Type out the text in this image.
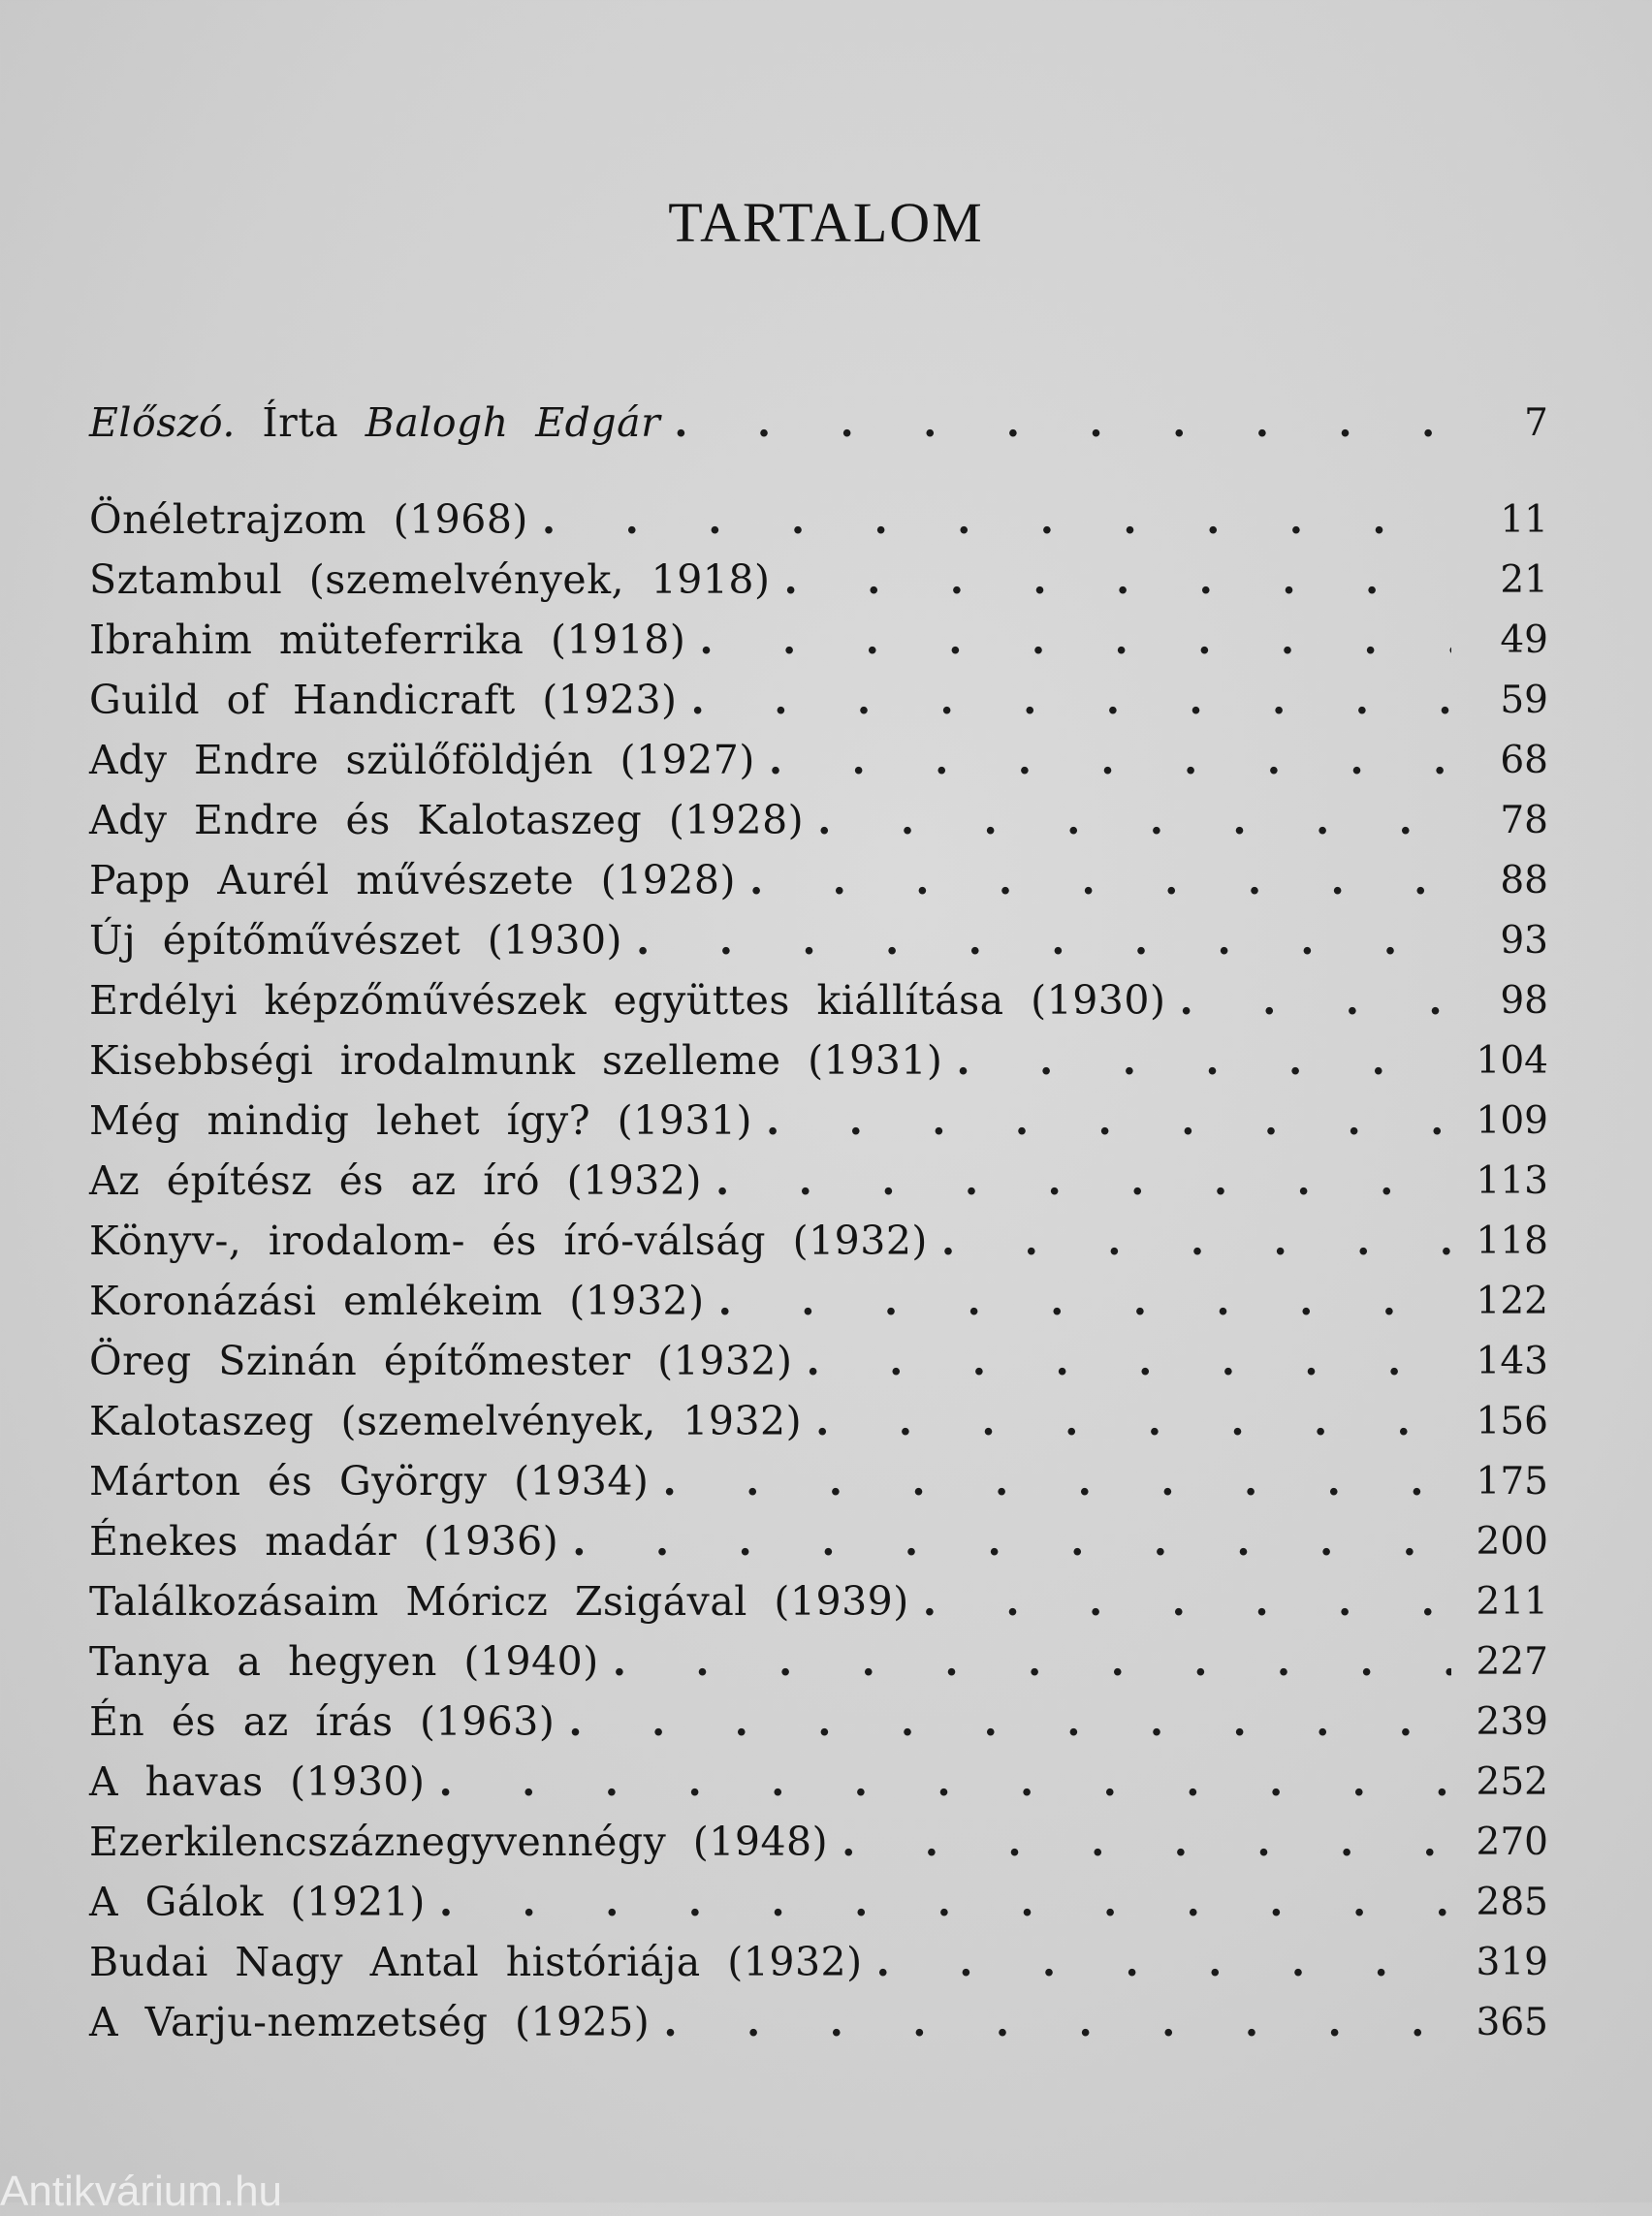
TARTALOM
Előszó. Írta Balogh Edgár .	7
Önéletrajzom (1968) .	11
Sztambul (szemelvények, 1918) .	21
Ibrahim müteferrika (1918) .	49
Guild of Handicraft (1923) .	59
Ady Endre szülőföldjén (1927) .	68
Ady Endre és Kalotaszeg (1928) .	78
Papp Aurél művészete (1928) .	88
Új építőművészet (1930) .	93
Erdélyi képzőművészek együttes kiállítása (1930) .	98
Kisebbségi irodalmunk szelleme (1931) .	104
Még mindig lehet így? (1931) .	109
Az építész és az író (1932) .	113
Könyv-, irodalom- és író-válság (1932) .	118
Koronázási emlékeim (1932) .	122
Öreg Szinán építőmester (1932) .	143
Kalotaszeg (szemelvények, 1932) .	156
Márton és György (1934) .	175
Énekes madár (1936) .	200
Találkozásaim Móricz Zsigával (1939) .	211
Tanya a hegyen (1940) .	227
Én és az írás (1963) .	239
A havas (1930) .	252
Ezerkilencszáznegyvennégy (1948) .	270
A Gálok (1921) .	285
Budai Nagy Antal históriája (1932) .	319
A Varju-nemzetség (1925) .	365
Antikvárium.hu
